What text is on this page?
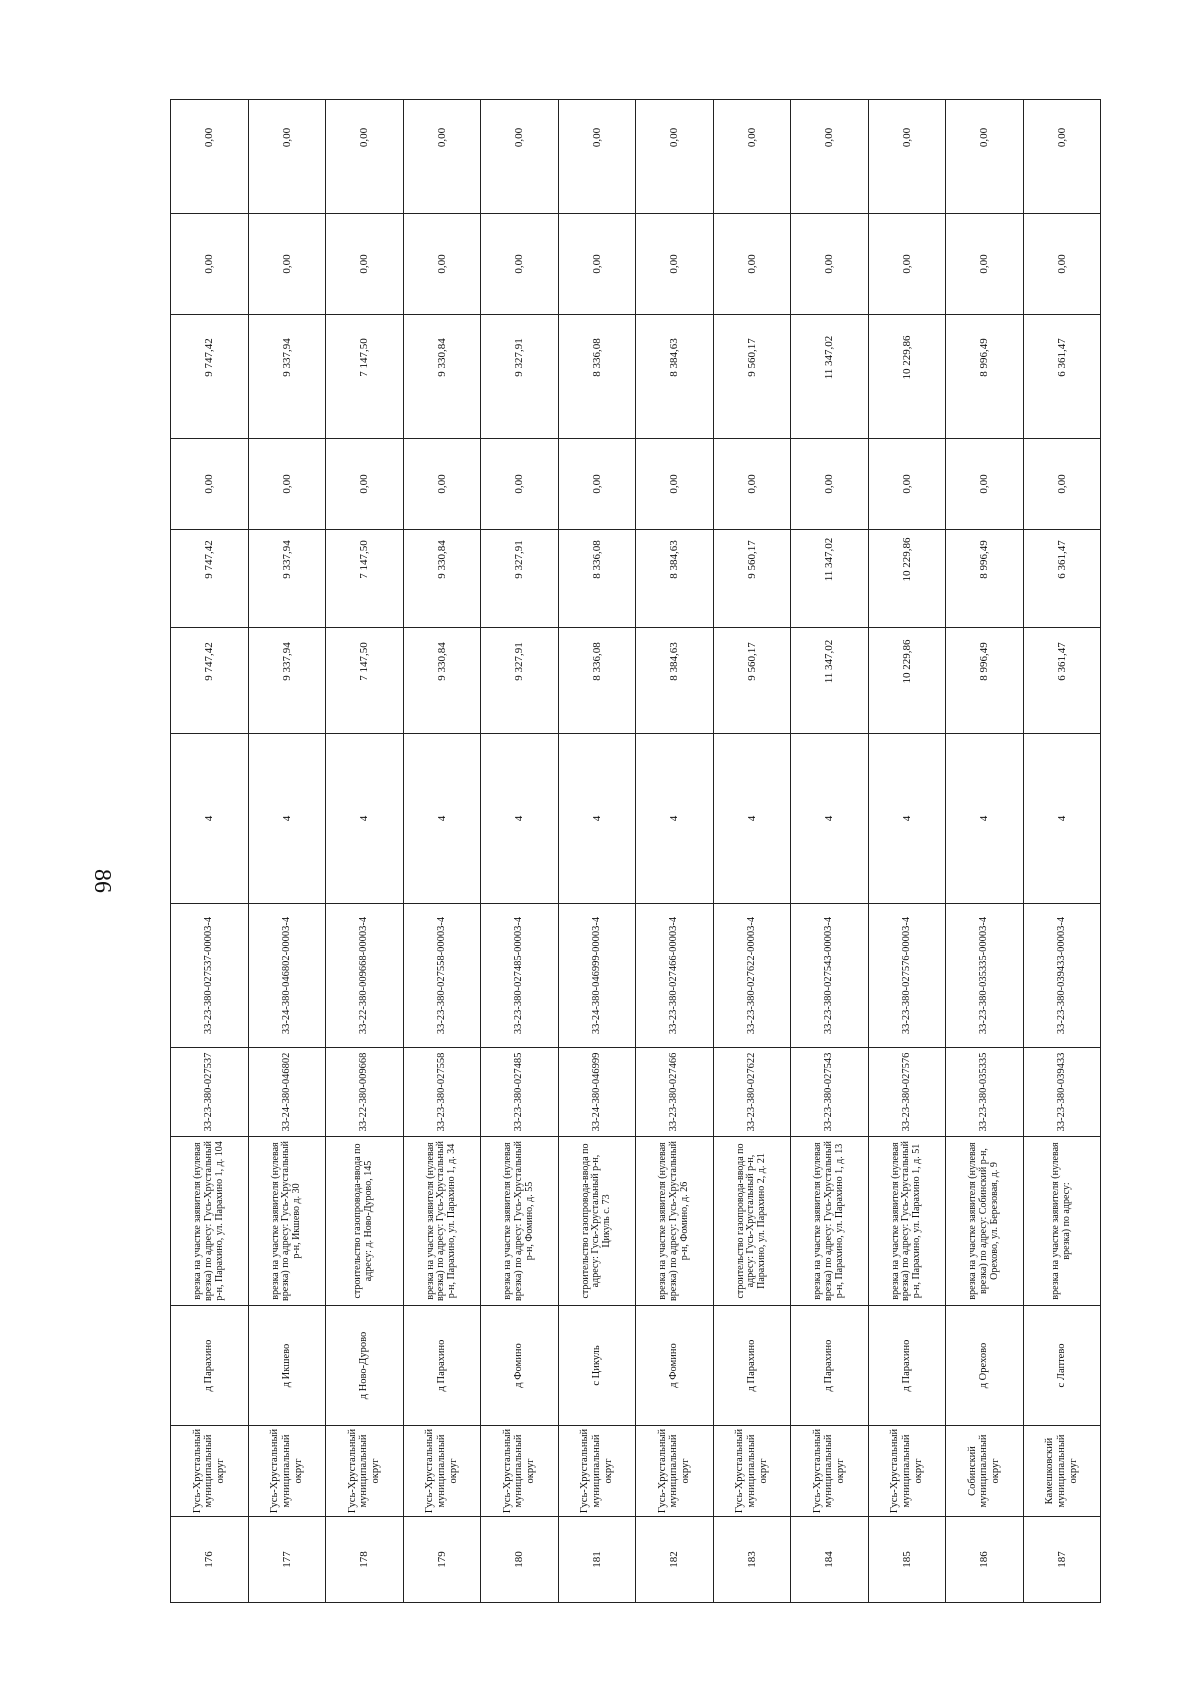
86
176	Гусь-Хрустальный муниципальный округ	д Парахино	врезка на участке заявителя (нулевая врезка) по адресу: Гусь-Хрустальный р-н, Парахино, ул. Парахино 1, д. 104	33-23-380-027537	33-23-380-027537-00003-4	4	9 747,42	9 747,42	0,00	9 747,42	0,00	0,00
177	Гусь-Хрустальный муниципальный округ	д Икшево	врезка на участке заявителя (нулевая врезка) по адресу: Гусь-Хрустальный р-н, Икшево д. 30	33-24-380-046802	33-24-380-046802-00003-4	4	9 337,94	9 337,94	0,00	9 337,94	0,00	0,00
178	Гусь-Хрустальный муниципальный округ	д Ново-Дурово	строительство газопровода-ввода по адресу: д. Ново-Дурово, 145	33-22-380-009668	33-22-380-009668-00003-4	4	7 147,50	7 147,50	0,00	7 147,50	0,00	0,00
179	Гусь-Хрустальный муниципальный округ	д Парахино	врезка на участке заявителя (нулевая врезка) по адресу: Гусь-Хрустальный р-н, Парахино, ул. Парахино 1, д. 34	33-23-380-027558	33-23-380-027558-00003-4	4	9 330,84	9 330,84	0,00	9 330,84	0,00	0,00
180	Гусь-Хрустальный муниципальный округ	д Фомино	врезка на участке заявителя (нулевая врезка) по адресу: Гусь-Хрустальный р-н, Фомино, д. 55	33-23-380-027485	33-23-380-027485-00003-4	4	9 327,91	9 327,91	0,00	9 327,91	0,00	0,00
181	Гусь-Хрустальный муниципальный округ	с Цикуль	строительство газопровода-ввода по адресу: Гусь-Хрустальный р-н, Цикуль с. 73	33-24-380-046999	33-24-380-046999-00003-4	4	8 336,08	8 336,08	0,00	8 336,08	0,00	0,00
182	Гусь-Хрустальный муниципальный округ	д Фомино	врезка на участке заявителя (нулевая врезка) по адресу: Гусь-Хрустальный р-н, Фомино, д. 26	33-23-380-027466	33-23-380-027466-00003-4	4	8 384,63	8 384,63	0,00	8 384,63	0,00	0,00
183	Гусь-Хрустальный муниципальный округ	д Парахино	строительство газопровода-ввода по адресу: Гусь-Хрустальный р-н, Парахино, ул. Парахино 2, д. 21	33-23-380-027622	33-23-380-027622-00003-4	4	9 560,17	9 560,17	0,00	9 560,17	0,00	0,00
184	Гусь-Хрустальный муниципальный округ	д Парахино	врезка на участке заявителя (нулевая врезка) по адресу: Гусь-Хрустальный р-н, Парахино, ул. Парахино 1, д. 13	33-23-380-027543	33-23-380-027543-00003-4	4	11 347,02	11 347,02	0,00	11 347,02	0,00	0,00
185	Гусь-Хрустальный муниципальный округ	д Парахино	врезка на участке заявителя (нулевая врезка) по адресу: Гусь-Хрустальный р-н, Парахино, ул. Парахино 1, д. 51	33-23-380-027576	33-23-380-027576-00003-4	4	10 229,86	10 229,86	0,00	10 229,86	0,00	0,00
186	Собинский муниципальный округ	д Орехово	врезка на участке заявителя (нулевая врезка) по адресу: Собинский р-н, Орехово, ул. Березовая, д. 9	33-23-380-035335	33-23-380-035335-00003-4	4	8 996,49	8 996,49	0,00	8 996,49	0,00	0,00
187	Камешковский муниципальный округ	с Лаптево	врезка на участке заявителя (нулевая врезка) по адресу:	33-23-380-039433	33-23-380-039433-00003-4	4	6 361,47	6 361,47	0,00	6 361,47	0,00	0,00
